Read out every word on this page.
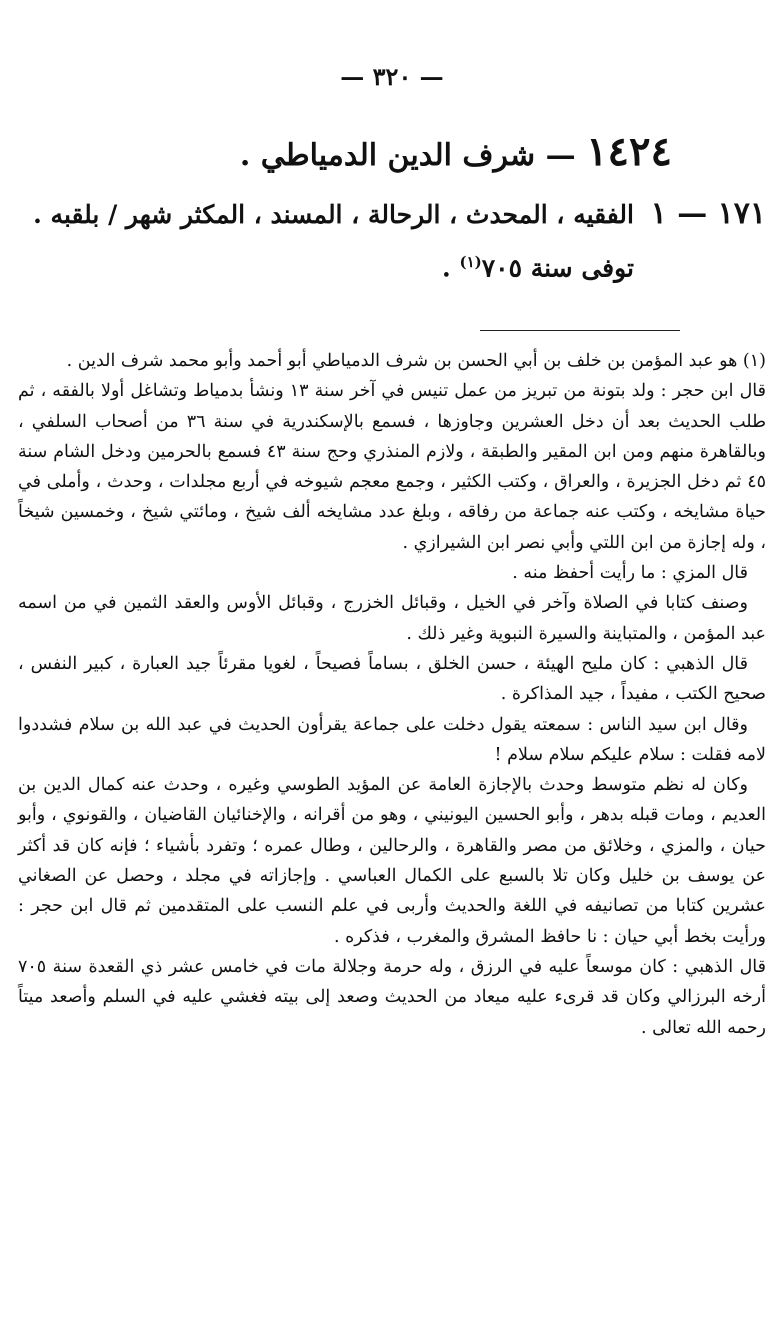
— ٣٢٠ —
١٤٢٤ — شرف الدين الدمياطي .
١٧١ — ١
الفقيه ، المحدث ، الرحالة ، المسند ، المكثر شهر / بلقبه .
توفى سنة ٧٠٥$^{(١)}$ .

(١) هو عبد المؤمن بن خلف بن أبي الحسن بن شرف الدمياطي أبو أحمد وأبو محمد شرف الدين .

قال ابن حجر : ولد بتونة من تبريز من عمل تنيس في آخر سنة ١٣ ونشأ بدمياط وتشاغل أولا بالفقه ، ثم طلب الحديث بعد أن دخل العشرين وجاوزها ، فسمع بالإسكندرية في سنة ٣٦ من أصحاب السلفي ، وبالقاهرة منهم ومن ابن المقير والطبقة ، ولازم المنذري وحج سنة ٤٣ فسمع بالحرمين ودخل الشام سنة ٤٥ ثم دخل الجزيرة ، والعراق ، وكتب الكثير ، وجمع معجم شيوخه في أربع مجلدات ، وحدث ، وأملى في حياة مشايخه ، وكتب عنه جماعة من رفاقه ، وبلغ عدد مشايخه ألف شيخ ، ومائتي شيخ ، وخمسين شيخاً ، وله إجازة من ابن اللتي وأبي نصر ابن الشيرازي .

قال المزي : ما رأيت أحفظ منه .

وصنف كتابا في الصلاة وآخر في الخيل ، وقبائل الخزرج ، وقبائل الأوس والعقد الثمين في من اسمه عبد المؤمن ، والمتباينة والسيرة النبوية وغير ذلك .

قال الذهبي : كان مليح الهيئة ، حسن الخلق ، بساماً فصيحاً ، لغويا مقرئاً جيد العبارة ، كبير النفس ، صحيح الكتب ، مفيداً ، جيد المذاكرة .

وقال ابن سيد الناس : سمعته يقول دخلت على جماعة يقرأون الحديث في عبد الله بن سلام فشددوا لامه فقلت : سلام عليكم سلام سلام !

وكان له نظم متوسط وحدث بالإجازة العامة عن المؤيد الطوسي وغيره ، وحدث عنه كمال الدين بن العديم ، ومات قبله بدهر ، وأبو الحسين اليونيني ، وهو من أقرانه ، والإخنائيان القاضيان ، والقونوي ، وأبو حيان ، والمزي ، وخلائق من مصر والقاهرة ، والرحالين ، وطال عمره ؛ وتفرد بأشياء ؛ فإنه كان قد أكثر عن يوسف بن خليل وكان تلا بالسبع على الكمال العباسي . وإجازاته في مجلد ، وحصل عن الصغاني عشرين كتابا من تصانيفه في اللغة والحديث وأربى في علم النسب على المتقدمين ثم قال ابن حجر : ورأيت بخط أبي حيان : نا حافظ المشرق والمغرب ، فذكره .

قال الذهبي : كان موسعاً عليه في الرزق ، وله حرمة وجلالة مات في خامس عشر ذي القعدة سنة ٧٠٥ أرخه البرزالي وكان قد قرىء عليه ميعاد من الحديث وصعد إلى بيته فغشي عليه في السلم وأصعد ميتاً رحمه الله تعالى .
